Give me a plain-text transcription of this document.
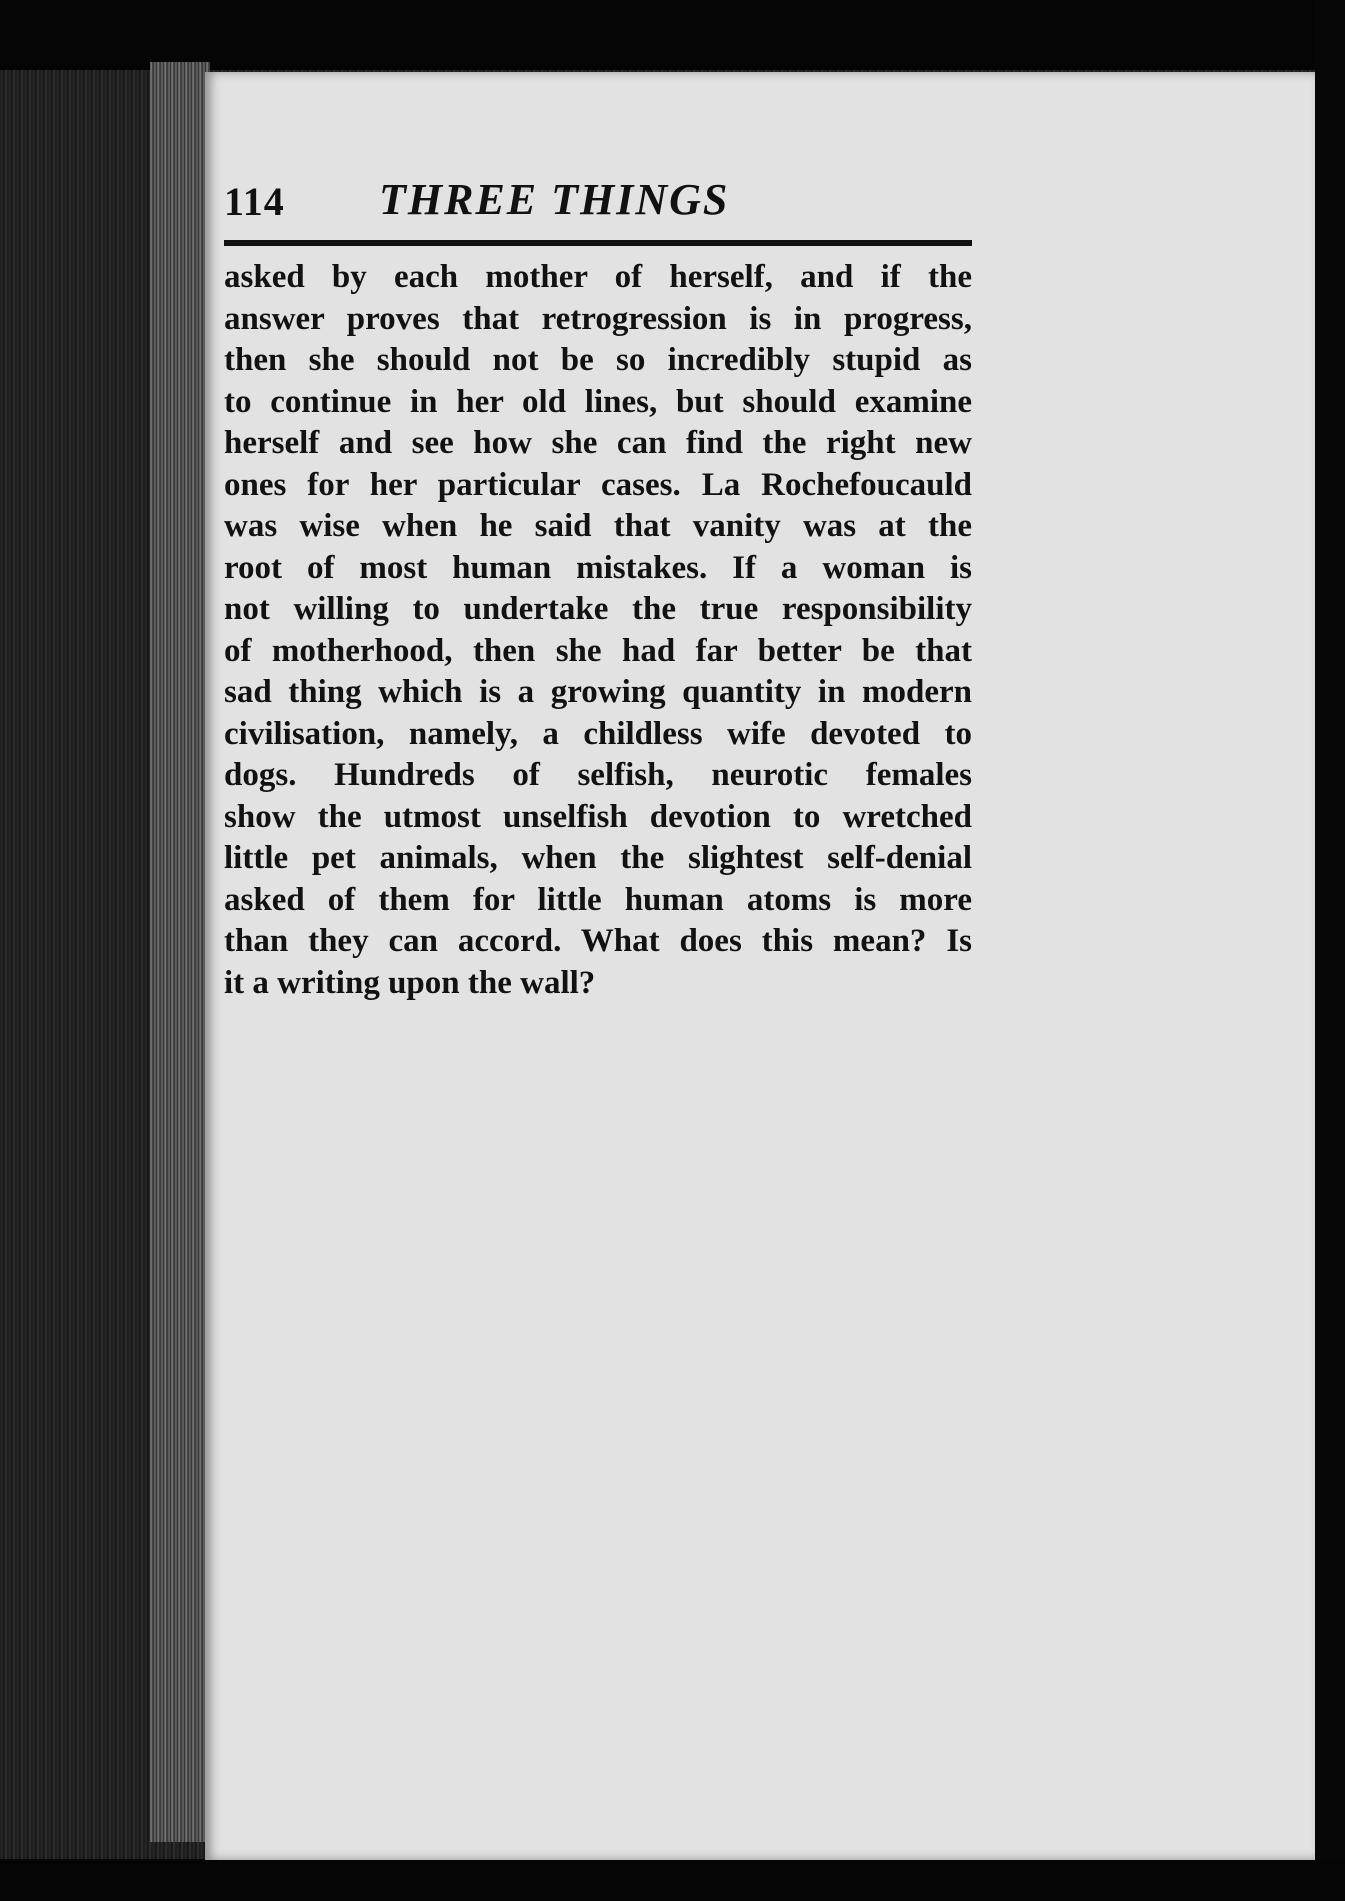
114 THREE THINGS
asked by each mother of herself, and if the
answer proves that retrogression is in progress,
then she should not be so incredibly stupid as
to continue in her old lines, but should examine
herself and see how she can find the right new
ones for her particular cases. La Rochefoucauld
was wise when he said that vanity was at the
root of most human mistakes. If a woman is
not willing to undertake the true responsibility
of motherhood, then she had far better be that
sad thing which is a growing quantity in modern
civilisation, namely, a childless wife devoted to
dogs. Hundreds of selfish, neurotic females
show the utmost unselfish devotion to wretched
little pet animals, when the slightest self-denial
asked of them for little human atoms is more
than they can accord. What does this mean? Is
it a writing upon the wall?
